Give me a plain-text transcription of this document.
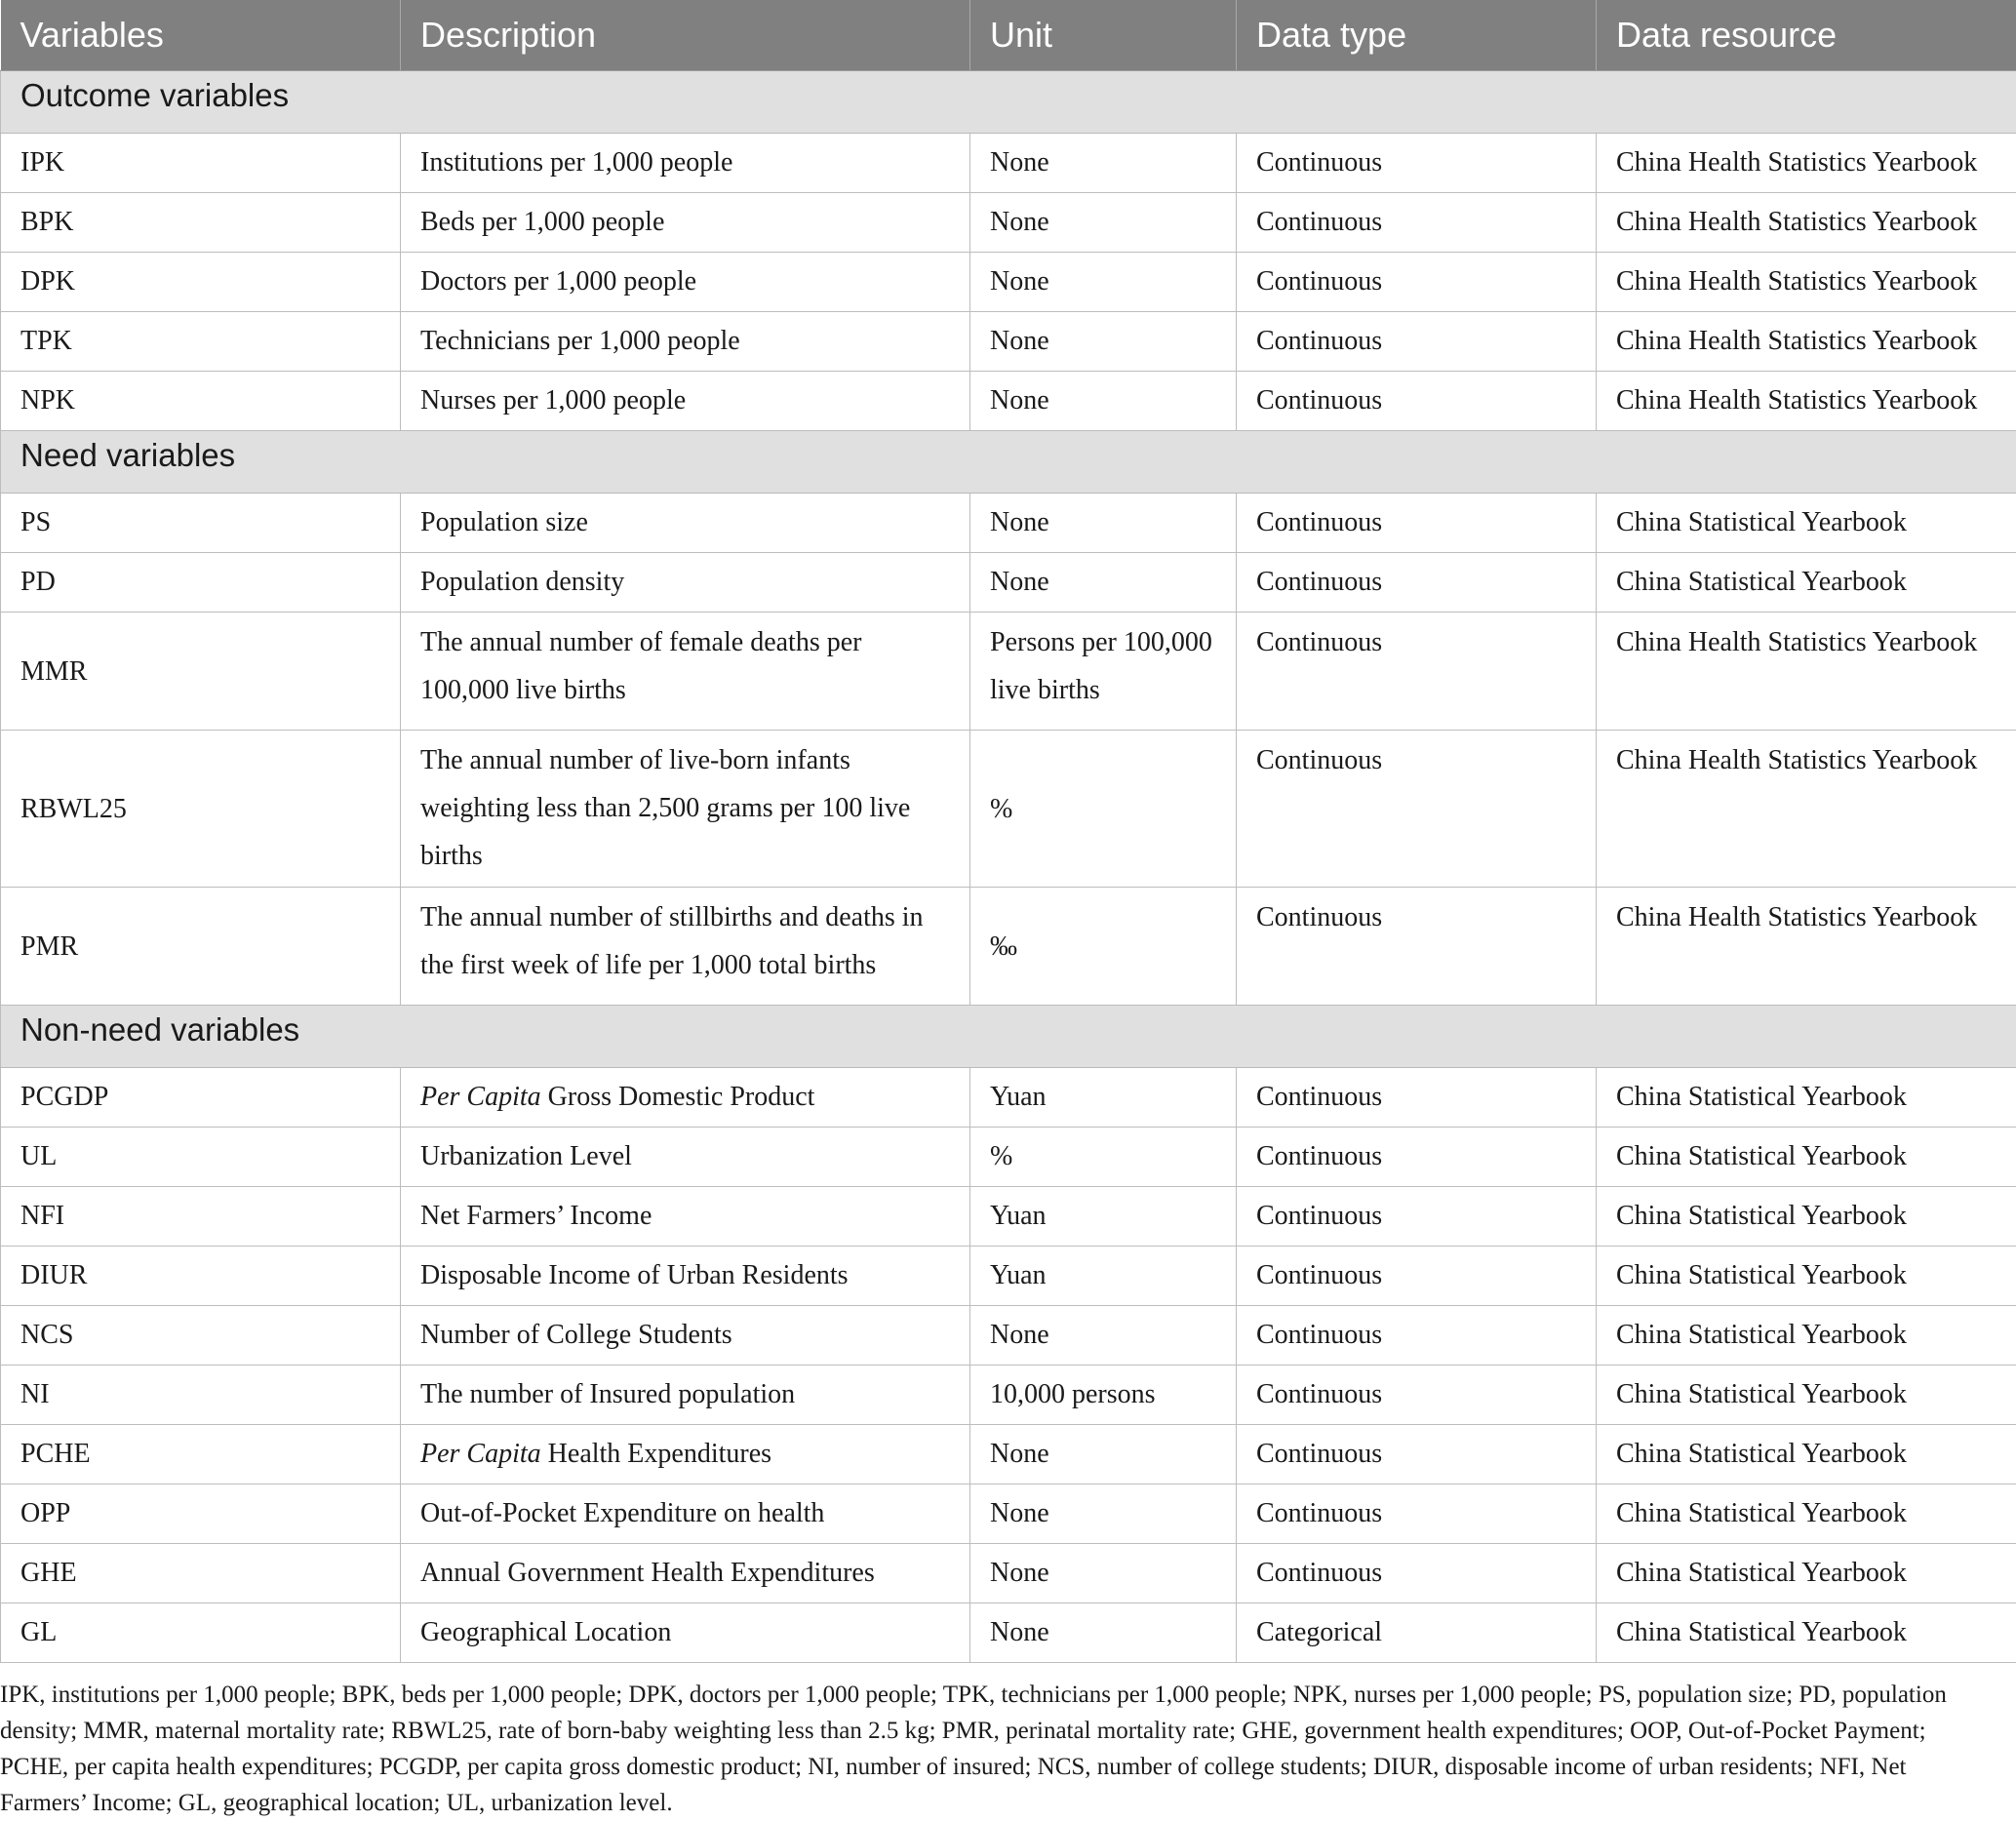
Variables	Description	Unit	Data type	Data resource
Outcome variables				
IPK	Institutions per 1,000 people	None	Continuous	China Health Statistics Yearbook
BPK	Beds per 1,000 people	None	Continuous	China Health Statistics Yearbook
DPK	Doctors per 1,000 people	None	Continuous	China Health Statistics Yearbook
TPK	Technicians per 1,000 people	None	Continuous	China Health Statistics Yearbook
NPK	Nurses per 1,000 people	None	Continuous	China Health Statistics Yearbook
Need variables				
PS	Population size	None	Continuous	China Statistical Yearbook
PD	Population density	None	Continuous	China Statistical Yearbook
MMR	The annual number of female deaths per 100,000 live births	Persons per 100,000 live births	Continuous	China Health Statistics Yearbook
RBWL25	The annual number of live-born infants weighting less than 2,500 grams per 100 live births	%	Continuous	China Health Statistics Yearbook
PMR	The annual number of stillbirths and deaths in the first week of life per 1,000 total births	‰	Continuous	China Health Statistics Yearbook
Non-need variables				
PCGDP	Per Capita Gross Domestic Product	Yuan	Continuous	China Statistical Yearbook
UL	Urbanization Level	%	Continuous	China Statistical Yearbook
NFI	Net Farmers’ Income	Yuan	Continuous	China Statistical Yearbook
DIUR	Disposable Income of Urban Residents	Yuan	Continuous	China Statistical Yearbook
NCS	Number of College Students	None	Continuous	China Statistical Yearbook
NI	The number of Insured population	10,000 persons	Continuous	China Statistical Yearbook
PCHE	Per Capita Health Expenditures	None	Continuous	China Statistical Yearbook
OPP	Out-of-Pocket Expenditure on health	None	Continuous	China Statistical Yearbook
GHE	Annual Government Health Expenditures	None	Continuous	China Statistical Yearbook
GL	Geographical Location	None	Categorical	China Statistical Yearbook
IPK, institutions per 1,000 people; BPK, beds per 1,000 people; DPK, doctors per 1,000 people; TPK, technicians per 1,000 people; NPK, nurses per 1,000 people; PS, population size; PD, population density; MMR, maternal mortality rate; RBWL25, rate of born-baby weighting less than 2.5 kg; PMR, perinatal mortality rate; GHE, government health expenditures; OOP, Out-of-Pocket Payment; PCHE, per capita health expenditures; PCGDP, per capita gross domestic product; NI, number of insured; NCS, number of college students; DIUR, disposable income of urban residents; NFI, Net Farmers’ Income; GL, geographical location; UL, urbanization level.
